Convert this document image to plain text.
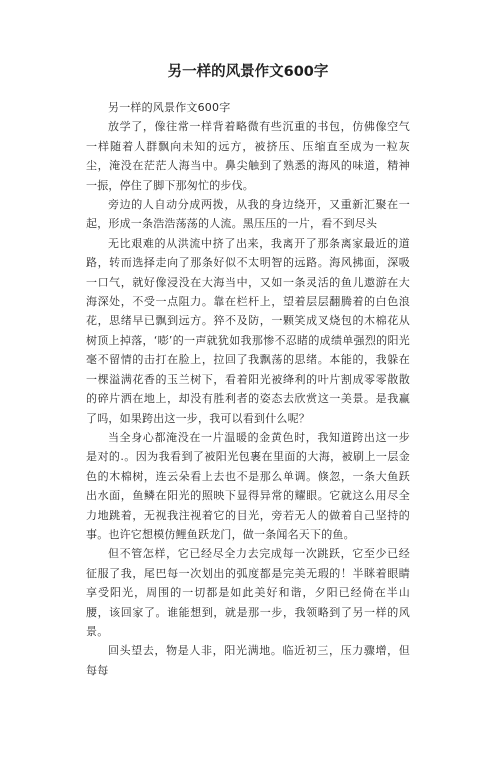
另一样的风景作文600字

另一样的风景作文600字

放学了，像往常一样背着略微有些沉重的书包，仿佛像空气一样随着人群飘向未知的远方，被挤压、压缩直至成为一粒灰尘，淹没在茫茫人海当中。鼻尖触到了熟悉的海风的味道，精神一振，停住了脚下那匆忙的步伐。

旁边的人自动分成两拨，从我的身边绕开，又重新汇聚在一起，形成一条浩浩荡荡的人流。黑压压的一片，看不到尽头

无比艰难的从洪流中挤了出来，我离开了那条离家最近的道路，转而选择走向了那条好似不太明智的远路。海风拂面，深吸一口气，就好像浸没在大海当中，又如一条灵活的鱼儿遨游在大海深处，不受一点阻力。靠在栏杆上，望着层层翻腾着的白色浪花，思绪早已飘到远方。猝不及防，一颗笑成叉烧包的木棉花从树顶上掉落，‘嘭’的一声就犹如我那惨不忍睹的成绩单强烈的阳光毫不留情的击打在脸上，拉回了我飘荡的思绪。本能的，我躲在一棵溢满花香的玉兰树下，看着阳光被绛利的叶片割成零零散散的碎片洒在地上，却没有胜利者的姿态去欣赏这一美景。是我赢了吗，如果跨出这一步，我可以看到什么呢？

当全身心都淹没在一片温暖的金黄色时，我知道跨出这一步是对的.。因为我看到了被阳光包裹在里面的大海，被刷上一层金色的木棉树，连云朵看上去也不是那么单调。倏忽，一条大鱼跃出水面，鱼鳞在阳光的照映下显得异常的耀眼。它就这么用尽全力地跳着，无视我注视着它的目光，旁若无人的做着自己坚持的事。也许它想模仿鲤鱼跃龙门，做一条闻名天下的鱼。

但不管怎样，它已经尽全力去完成每一次跳跃，它至少已经征服了我，尾巴每一次划出的弧度都是完美无瑕的！半眯着眼睛享受阳光，周围的一切都是如此美好和谐，夕阳已经倚在半山腰，该回家了。谁能想到，就是那一步，我领略到了另一样的风景。

回头望去，物是人非，阳光满地。临近初三，压力骤增，但每每
